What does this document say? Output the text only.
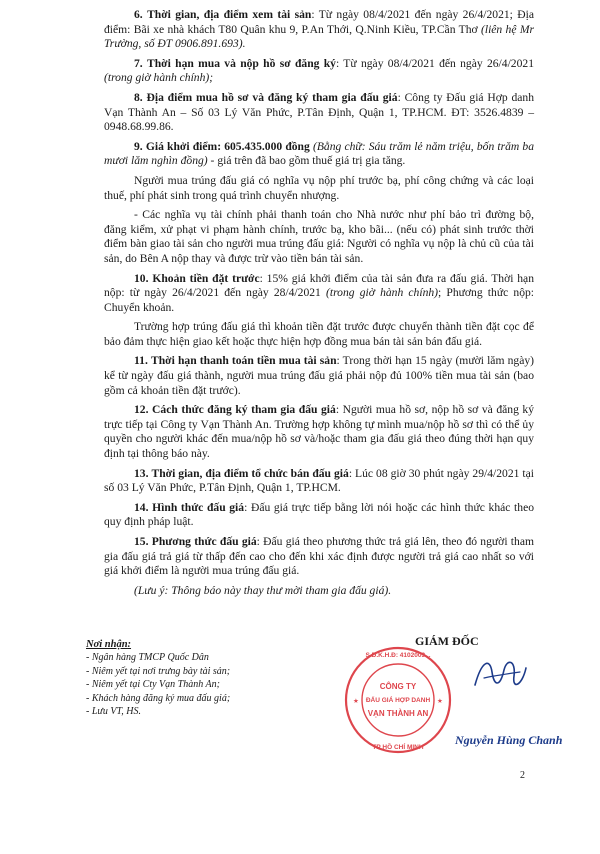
6. Thời gian, địa điểm xem tài sản: Từ ngày 08/4/2021 đến ngày 26/4/2021; Địa điểm: Bãi xe nhà khách T80 Quân khu 9, P.An Thới, Q.Ninh Kiều, TP.Cần Thơ (liên hệ Mr Trường, số ĐT 0906.891.693).

7. Thời hạn mua và nộp hồ sơ đăng ký: Từ ngày 08/4/2021 đến ngày 26/4/2021 (trong giờ hành chính);

8. Địa điểm mua hồ sơ và đăng ký tham gia đấu giá: Công ty Đấu giá Hợp danh Vạn Thành An – Số 03 Lý Văn Phức, P.Tân Định, Quận 1, TP.HCM. ĐT: 3526.4839 – 0948.68.99.86.

9. Giá khởi điểm: 605.435.000 đồng (Bằng chữ: Sáu trăm lẻ năm triệu, bốn trăm ba mươi lăm nghìn đồng) - giá trên đã bao gồm thuế giá trị gia tăng.

Người mua trúng đấu giá có nghĩa vụ nộp phí trước bạ, phí công chứng và các loại thuế, phí phát sinh trong quá trình chuyển nhượng.

- Các nghĩa vụ tài chính phải thanh toán cho Nhà nước như phí bảo trì đường bộ, đăng kiểm, xử phạt vi phạm hành chính, trước bạ, kho bãi... (nếu có) phát sinh trước thời điểm bàn giao tài sản cho người mua trúng đấu giá: Người có nghĩa vụ nộp là chủ cũ của tài sản, do Bên A nộp thay và được trừ vào tiền bán tài sản.

10. Khoản tiền đặt trước: 15% giá khởi điểm của tài sản đưa ra đấu giá. Thời hạn nộp: từ ngày 26/4/2021 đến ngày 28/4/2021 (trong giờ hành chính); Phương thức nộp: Chuyển khoản.

Trường hợp trúng đấu giá thì khoản tiền đặt trước được chuyển thành tiền đặt cọc để bảo đảm thực hiện giao kết hoặc thực hiện hợp đồng mua bán tài sản bán đấu giá.

11. Thời hạn thanh toán tiền mua tài sản: Trong thời hạn 15 ngày (mười lăm ngày) kể từ ngày đấu giá thành, người mua trúng đấu giá phải nộp đủ 100% tiền mua tài sản (bao gồm cả khoản tiền đặt trước).

12. Cách thức đăng ký tham gia đấu giá: Người mua hồ sơ, nộp hồ sơ và đăng ký trực tiếp tại Công ty Vạn Thành An. Trường hợp không tự mình mua/nộp hồ sơ thì có thể ủy quyền cho người khác đến mua/nộp hồ sơ và/hoặc tham gia đấu giá theo đúng thời hạn quy định tại thông báo này.

13. Thời gian, địa điểm tổ chức bán đấu giá: Lúc 08 giờ 30 phút ngày 29/4/2021 tại số 03 Lý Văn Phức, P.Tân Định, Quận 1, TP.HCM.

14. Hình thức đấu giá: Đấu giá trực tiếp bằng lời nói hoặc các hình thức khác theo quy định pháp luật.

15. Phương thức đấu giá: Đấu giá theo phương thức trả giá lên, theo đó người tham gia đấu giá trả giá từ thấp đến cao cho đến khi xác định được người trả giá cao nhất so với giá khởi điểm là người mua trúng đấu giá.

(Lưu ý: Thông báo này thay thư mời tham gia đấu giá).

Nơi nhận:
- Ngân hàng TMCP Quốc Dân
- Niêm yết tại nơi trưng bày tài sản;
- Niêm yết tại Cty Vạn Thành An;
- Khách hàng đăng ký mua đấu giá;
- Lưu VT, HS.
GIÁM ĐỐC
S.Đ.K.H.Đ: 4102003...
TP HỒ CHÍ MINH
★	★
CÔNG TY
ĐẤU GIÁ HỢP DANH
VẠN THÀNH AN
Nguyễn Hùng Chanh
2
